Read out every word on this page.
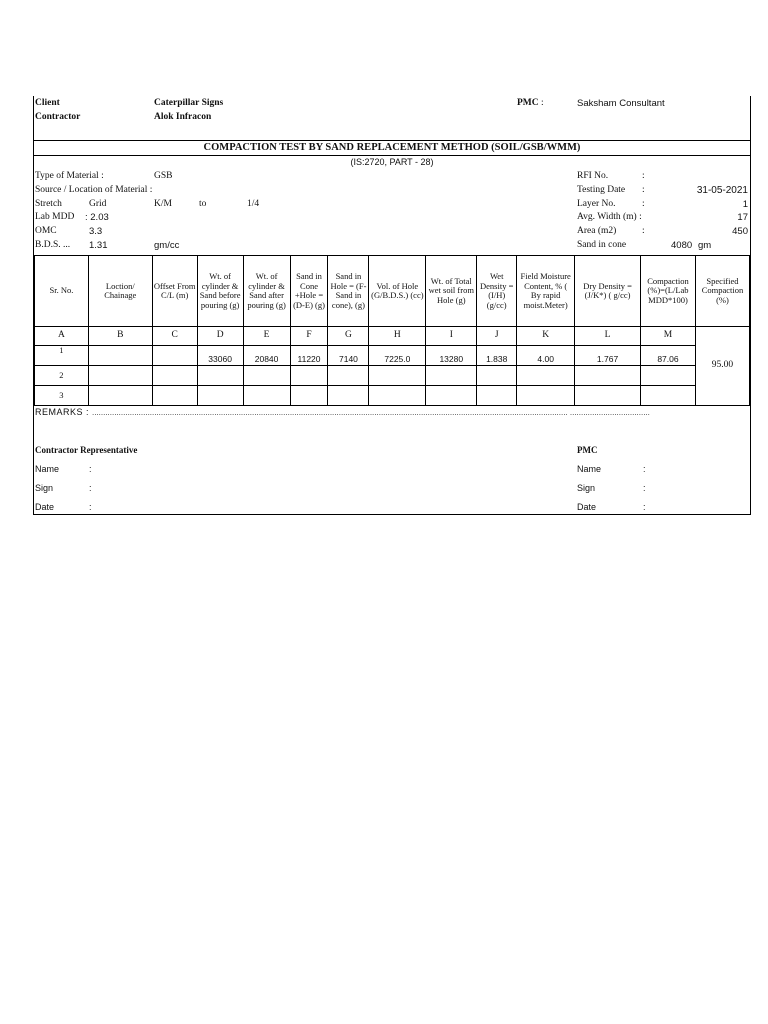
Client	Caterpillar Signs
Contractor	Alok Infracon
PMC :	Saksham Consultant
COMPACTION TEST BY SAND REPLACEMENT METHOD (SOIL/GSB/WMM)
(IS:2720, PART - 28)
Type of Material :	GSB
Source / Location of Material :
Stretch	Grid	K/M	to	1/4
Lab MDD : 2.03
OMC	3.3
B.D.S. ... 1.31	gm/cc
RFI No.	:
Testing Date :	31-05-2021
Layer No.	:	1
Avg. Width (m) :	17
Area (m2)	:	450
Sand in cone	4080 gm
Sr. No.	Loction/ Chainage	Offset From C/L (m)	Wt. of cylinder & Sand before pouring (g)	Wt. of cylinder & Sand after pouring (g)	Sand in Cone +Hole = (D-E) (g)	Sand in Hole = (F-Sand in cone), (g)	Vol. of Hole (G/B.D.S.) (cc)	Wt. of Total wet soil from Hole (g)	Wet Density = (I/H) (g/cc)	Field Moisture Content, % ( By rapid moist.Meter)	Dry Density = (J/K*) ( g/cc)	Compaction (%)=(L/Lab MDD*100)	Specified Compaction (%)
A	B	C	D	E	F	G	H	I	J	K	L	M	95.00
1			33060	20840	11220	7140	7225.0	13280	1.838	4.00	1.767	87.06	
2													
3													
REMARKS : ...................................................................................................................................................................................................................... ....................................
Contractor Representative	PMC
Name	:	Name	:
Sign	:	Sign	:
Date	:	Date	:
